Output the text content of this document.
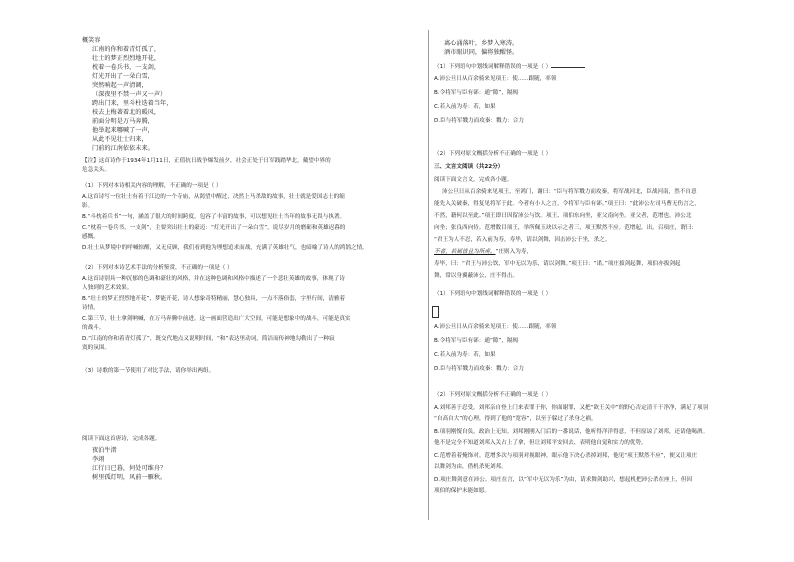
概笑容
江南的你和着青灯孤了，
壮士的梦正烈烈地开花，
枕着一卷兵书，一支剑，
灯光开出了一朵白雪，
突然响起一声清调，
（深夜里不禁一声又一声）
跨出门来，里斗柱迭着当年，
枝去上梅著着北的暖风，
前面分明是万马奔腾，
他举起来哪喊了一声，
从此不见壮士归来，
门前的江南依依未来。
【注】这首诗作于1934年1月11日，正值抗日战争爆发前夕，社会正处于日军践踏华北，戴望中界的
危急关头。
（1）下列对本诗相关内容的理解，不正确的一项是（ ）
A.这首诗写一位壮士有着于江边的一个寺庙，从渴望中醒过，决然上马杀敌的故事，壮士就是爱国志士的缩
影。
B.“斗枕着兵书”一句，涵盖了很大的时间跨度，包容了丰富的故事，可以想见壮士当年的故事无畏与执著。
C.“枕着一卷兵书，一支剑”，主要突出壮士的豪迈：“灯光开出了一朵白雪”，说尽岁月的磨砺和英雄迟暮的
感慨。
D.壮士从梦境中的呼喊惊醒，又无反顾，我们看到他为理想追求而战，充满了英雄壮气，也暗喻了诗人的鸿鹄之情。
（2）下列对本诗艺术手法的分析鉴赏，不正确的一项是（ ）
A.这首诗别具一种沉郁的色调和豪壮的风格，并在这种色调和风格中描述了一个悲壮英雄的故事，体现了诗
人独到的艺术效果。
B.“壮士的梦正烈烈地开花”，梦能开花，诗人想象奇特精丽，慧心独具，一点不落俗套，字里行间，清雅着
诗情。
C.第三节，壮士拿剑呐喊，在万马奔腾中前进。这一画面营造出广大空间，可能是想象中的战斗，可能是真实
的战斗。
D.“江南的你和着青灯孤了”，既交代地点又说明时间，“和”表达里动词，简洁而传神地勾勒出了一种寂
寞的氛围。
（3）诗歌的第一节使用了对比手法，请你举出两组。
阅读下面这首唐诗，完成各题。
夜泊牛渚
李翊
江行日已暮，何处可维舟？
树里孤灯明，风前一雁秋。
离心涌落叶，乡梦入寒涛。
酒市眼识同，偏将独醒怪。
（1）下列语句中划线词解释错误的一项是（ ）
A.沛公旦日从百余骑来见项王：使......跟随，率领
B.令将军与臣有郤：通“隙”，隔阂
C.若入前为寿：若，如果
D.臣与将军戮力而攻秦：戮力：合力
（2）下列对原文概括分析不正确的一项是（ ）
三、文言文阅读（共22分）
阅读下面文言文，完成各小题。
沛公旦日从百余骑来见项王，至鸿门，谢曰：“臣与将军戮力而攻秦，将军战河北，臣战河南，然不自意
能先入关破秦，得复见将军于此。今者有小人之言，令将军与臣有郤。”项王曰：“此沛公左司马曹无伤言之，
不然，籍何以至此。”项王即日因留沛公与饮。项王、项伯东向坐，亚父南向坐。亚父者，范增也。沛公北
向坐；张良西向侍。范增数目项王，举所佩玉玦以示之者三，项王默然不应。范增起，出，召项庄，谓曰：
“君王为人不忍，若入前为寿，寿毕，请以剑舞，因击沛公于坐，杀之。
不者，若属皆且为所虏。”庄则入为寿，
寿毕，曰：“君王与沛公饮，军中无以为乐，请以剑舞。”项王曰：“诺。”项庄拔剑起舞，项伯亦拔剑起
舞，常以身翼蔽沛公，庄不得击。
（1）下列语句中划线词解释错误的一项是（ ）
A.沛公旦日从百余骑来见项王：使......跟随，率领
B.令将军与臣有郤：通“隙”，隔阂
C.若入前为寿：若，如果
D.臣与将军戮力而攻秦：戮力：合力
（2）下列对原文概括分析不正确的一项是（ ）
A.刘邦善于忍受。刘邦亲自登上门来表罪于你，你面谢罪，又把“欲王关中”的野心否定清干干净净，满足了项羽
“自高自大”的心理，得到了他的“宽容”，以至于躲过了杀身之祸。
B.项羽刚愎自负，政治上无知。刘邦刚刚入门后的一番说话，他听得洋洋得意，不但原谅了刘邦，还请他喝酒。
他不是完全不知道刘邦入关占上了拿，但让刘邦平安回去，表明他自觉和实力的优势。
C.范增着着掩饰对。范增多次与项羽对视眼神，眼示他下决心杀掉刘邦，他见“项王默然不应”，便又让项庄
以舞剑为由，借机杀死刘邦。
D.项庄舞剑意在沛公。项庄在言，以“军中无以为乐”为由，请求舞剑助兴，想起机把沛公杀在座上，但因
项伯的保护未能如愿。
